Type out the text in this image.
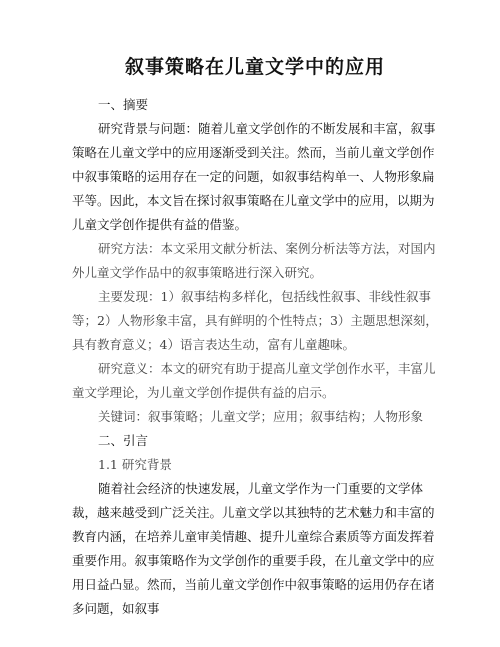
叙事策略在儿童文学中的应用

一、摘要

研究背景与问题：随着儿童文学创作的不断发展和丰富，叙事策略在儿童文学中的应用逐渐受到关注。然而，当前儿童文学创作中叙事策略的运用存在一定的问题，如叙事结构单一、人物形象扁平等。因此，本文旨在探讨叙事策略在儿童文学中的应用，以期为儿童文学创作提供有益的借鉴。

研究方法：本文采用文献分析法、案例分析法等方法，对国内外儿童文学作品中的叙事策略进行深入研究。

主要发现：1）叙事结构多样化，包括线性叙事、非线性叙事等；2）人物形象丰富，具有鲜明的个性特点；3）主题思想深刻，具有教育意义；4）语言表达生动，富有儿童趣味。

研究意义：本文的研究有助于提高儿童文学创作水平，丰富儿童文学理论，为儿童文学创作提供有益的启示。

关键词：叙事策略；儿童文学；应用；叙事结构；人物形象

二、引言

1.1 研究背景

随着社会经济的快速发展，儿童文学作为一门重要的文学体裁，越来越受到广泛关注。儿童文学以其独特的艺术魅力和丰富的教育内涵，在培养儿童审美情趣、提升儿童综合素质等方面发挥着重要作用。叙事策略作为文学创作的重要手段，在儿童文学中的应用日益凸显。然而，当前儿童文学创作中叙事策略的运用仍存在诸多问题，如叙事
